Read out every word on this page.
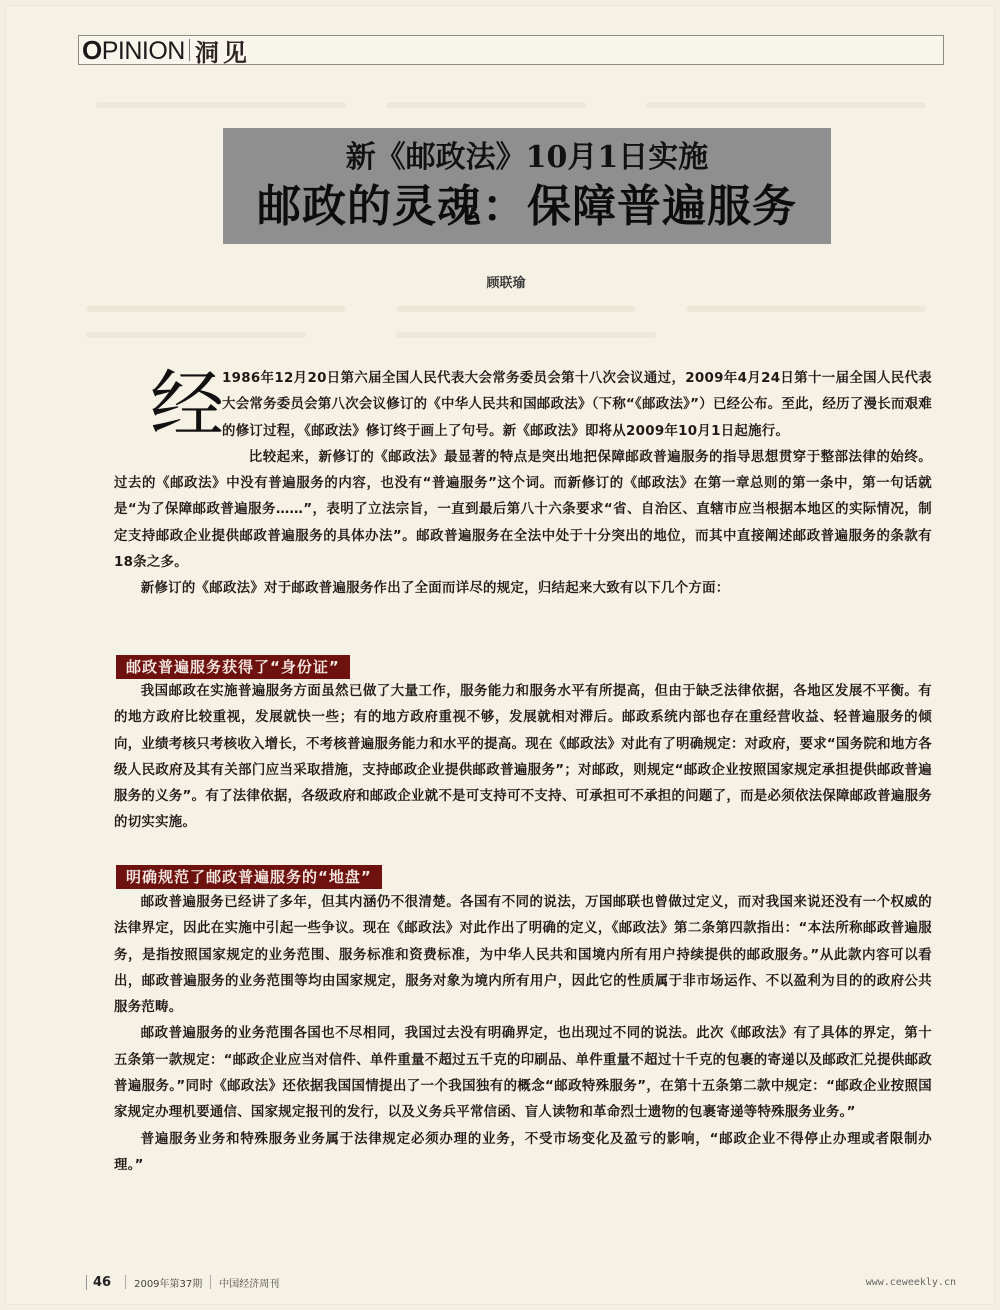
OPINION 洞见
新《邮政法》10月1日实施
邮政的灵魂：保障普遍服务
顾联瑜
经

1986年12月20日第六届全国人民代表大会常务委员会第十八次会议通过，2009年4月24日第十一届全国人民代表大会常务委员会第八次会议修订的《中华人民共和国邮政法》（下称“《邮政法》”）已经公布。至此，经历了漫长而艰难的修订过程，《邮政法》修订终于画上了句号。新《邮政法》即将从2009年10月1日起施行。

比较起来，新修订的《邮政法》最显著的特点是突出地把保障邮政普遍服务的指导思想贯穿于整部法律的始终。过去的《邮政法》中没有普遍服务的内容，也没有“普遍服务”这个词。而新修订的《邮政法》在第一章总则的第一条中，第一句话就是“为了保障邮政普遍服务……”，表明了立法宗旨，一直到最后第八十六条要求“省、自治区、直辖市应当根据本地区的实际情况，制定支持邮政企业提供邮政普遍服务的具体办法”。邮政普遍服务在全法中处于十分突出的地位，而其中直接阐述邮政普遍服务的条款有18条之多。

新修订的《邮政法》对于邮政普遍服务作出了全面而详尽的规定，归结起来大致有以下几个方面：

邮政普遍服务获得了“身份证”

我国邮政在实施普遍服务方面虽然已做了大量工作，服务能力和服务水平有所提高，但由于缺乏法律依据，各地区发展不平衡。有的地方政府比较重视，发展就快一些；有的地方政府重视不够，发展就相对滞后。邮政系统内部也存在重经营收益、轻普遍服务的倾向，业绩考核只考核收入增长，不考核普遍服务能力和水平的提高。现在《邮政法》对此有了明确规定：对政府，要求“国务院和地方各级人民政府及其有关部门应当采取措施，支持邮政企业提供邮政普遍服务”；对邮政，则规定“邮政企业按照国家规定承担提供邮政普遍服务的义务”。有了法律依据，各级政府和邮政企业就不是可支持可不支持、可承担可不承担的问题了，而是必须依法保障邮政普遍服务的切实实施。

明确规范了邮政普遍服务的“地盘”

邮政普遍服务已经讲了多年，但其内涵仍不很清楚。各国有不同的说法，万国邮联也曾做过定义，而对我国来说还没有一个权威的法律界定，因此在实施中引起一些争议。现在《邮政法》对此作出了明确的定义，《邮政法》第二条第四款指出：“本法所称邮政普遍服务，是指按照国家规定的业务范围、服务标准和资费标准，为中华人民共和国境内所有用户持续提供的邮政服务。”从此款内容可以看出，邮政普遍服务的业务范围等均由国家规定，服务对象为境内所有用户，因此它的性质属于非市场运作、不以盈利为目的的政府公共服务范畴。

邮政普遍服务的业务范围各国也不尽相同，我国过去没有明确界定，也出现过不同的说法。此次《邮政法》有了具体的界定，第十五条第一款规定：“邮政企业应当对信件、单件重量不超过五千克的印刷品、单件重量不超过十千克的包裹的寄递以及邮政汇兑提供邮政普遍服务。”同时《邮政法》还依据我国国情提出了一个我国独有的概念“邮政特殊服务”，在第十五条第二款中规定：“邮政企业按照国家规定办理机要通信、国家规定报刊的发行，以及义务兵平常信函、盲人读物和革命烈士遗物的包裹寄递等特殊服务业务。”

普遍服务业务和特殊服务业务属于法律规定必须办理的业务，不受市场变化及盈亏的影响，“邮政企业不得停止办理或者限制办理。”

46	2009年第37期 中国经济周刊	www.ceweekly.cn
